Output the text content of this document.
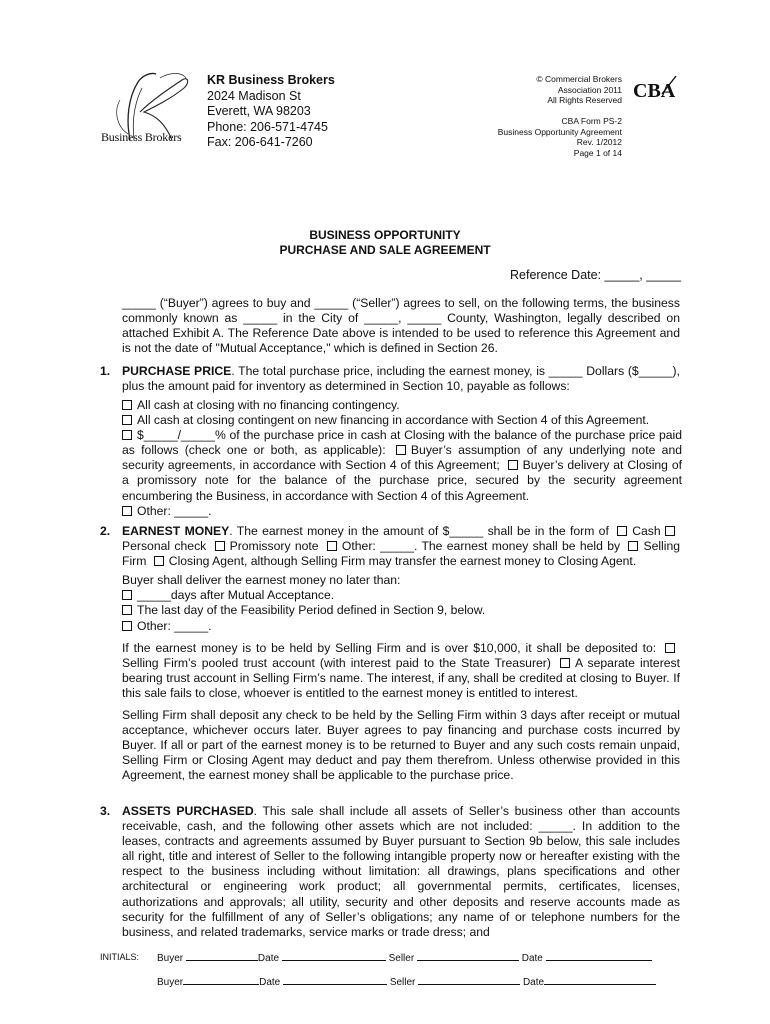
Business Brokers
KR Business Brokers
2024 Madison St
Everett, WA 98203
Phone: 206-571-4745
Fax: 206-641-7260
© Commercial Brokers
Association 2011
All Rights Reserved CBA
CBA Form PS-2
Business Opportunity Agreement
Rev. 1/2012
Page 1 of 14
BUSINESS OPPORTUNITY
PURCHASE AND SALE AGREEMENT
Reference Date: _____, _____

_____ (“Buyer”) agrees to buy and _____ (“Seller”) agrees to sell, on the following terms, the business commonly known as _____ in the City of _____, _____ County, Washington, legally described on attached Exhibit A. The Reference Date above is intended to be used to reference this Agreement and is not the date of "Mutual Acceptance," which is defined in Section 26.

1. PURCHASE PRICE. The total purchase price, including the earnest money, is _____ Dollars ($_____), plus the amount paid for inventory as determined in Section 10, payable as follows:

All cash at closing with no financing contingency.
All cash at closing contingent on new financing in accordance with Section 4 of this Agreement.
$_____/_____% of the purchase price in cash at Closing with the balance of the purchase price paid as follows (check one or both, as applicable): Buyer’s assumption of any underlying note and security agreements, in accordance with Section 4 of this Agreement; Buyer’s delivery at Closing of a promissory note for the balance of the purchase price, secured by the security agreement encumbering the Business, in accordance with Section 4 of this Agreement.
Other: _____.
2. EARNEST MONEY. The earnest money in the amount of $_____ shall be in the form of Cash Personal check Promissory note Other: _____. The earnest money shall be held by Selling Firm Closing Agent, although Selling Firm may transfer the earnest money to Closing Agent.

Buyer shall deliver the earnest money no later than:

_____days after Mutual Acceptance.
The last day of the Feasibility Period defined in Section 9, below.
Other: _____.

If the earnest money is to be held by Selling Firm and is over $10,000, it shall be deposited to: Selling Firm’s pooled trust account (with interest paid to the State Treasurer) A separate interest bearing trust account in Selling Firm’s name. The interest, if any, shall be credited at closing to Buyer. If this sale fails to close, whoever is entitled to the earnest money is entitled to interest.

Selling Firm shall deposit any check to be held by the Selling Firm within 3 days after receipt or mutual acceptance, whichever occurs later. Buyer agrees to pay financing and purchase costs incurred by Buyer. If all or part of the earnest money is to be returned to Buyer and any such costs remain unpaid, Selling Firm or Closing Agent may deduct and pay them therefrom. Unless otherwise provided in this Agreement, the earnest money shall be applicable to the purchase price.

3. ASSETS PURCHASED. This sale shall include all assets of Seller’s business other than accounts receivable, cash, and the following other assets which are not included: _____. In addition to the leases, contracts and agreements assumed by Buyer pursuant to Section 9b below, this sale includes all right, title and interest of Seller to the following intangible property now or hereafter existing with the respect to the business including without limitation: all drawings, plans specifications and other architectural or engineering work product; all governmental permits, certificates, licenses, authorizations and approvals; all utility, security and other deposits and reserve accounts made as security for the fulfillment of any of Seller’s obligations; any name of or telephone numbers for the business, and related trademarks, service marks or trade dress; and

INITIALS: Buyer	Date	Seller	Date
Buyer	Date	Seller	Date
